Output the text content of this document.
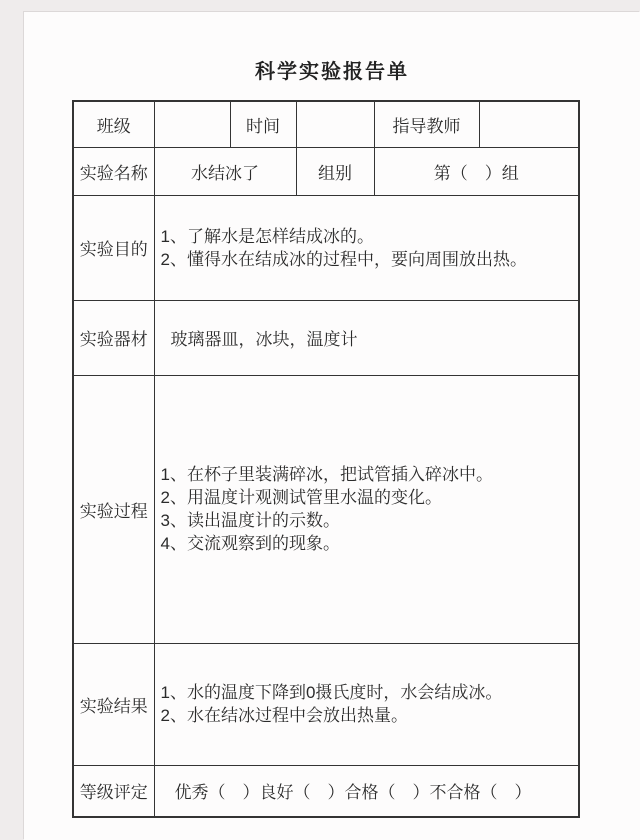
科学实验报告单
班级		时间		指导教师	
实验名称	水结冰了		组别	第（　）组	
实验目的	1、了解水是怎样结成冰的。
2、懂得水在结成冰的过程中，要向周围放出热。				

实验器材	玻璃器皿，冰块，温度计				
实验过程	1、在杯子里装满碎冰，把试管插入碎冰中。
2、用温度计观测试管里水温的变化。
3、读出温度计的示数。
4、交流观察到的现象。				

实验结果	1、水的温度下降到0摄氏度时，水会结成冰。
2、水在结冰过程中会放出热量。				

等级评定	优秀（　）良好（　）合格（　）不合格（　）				
